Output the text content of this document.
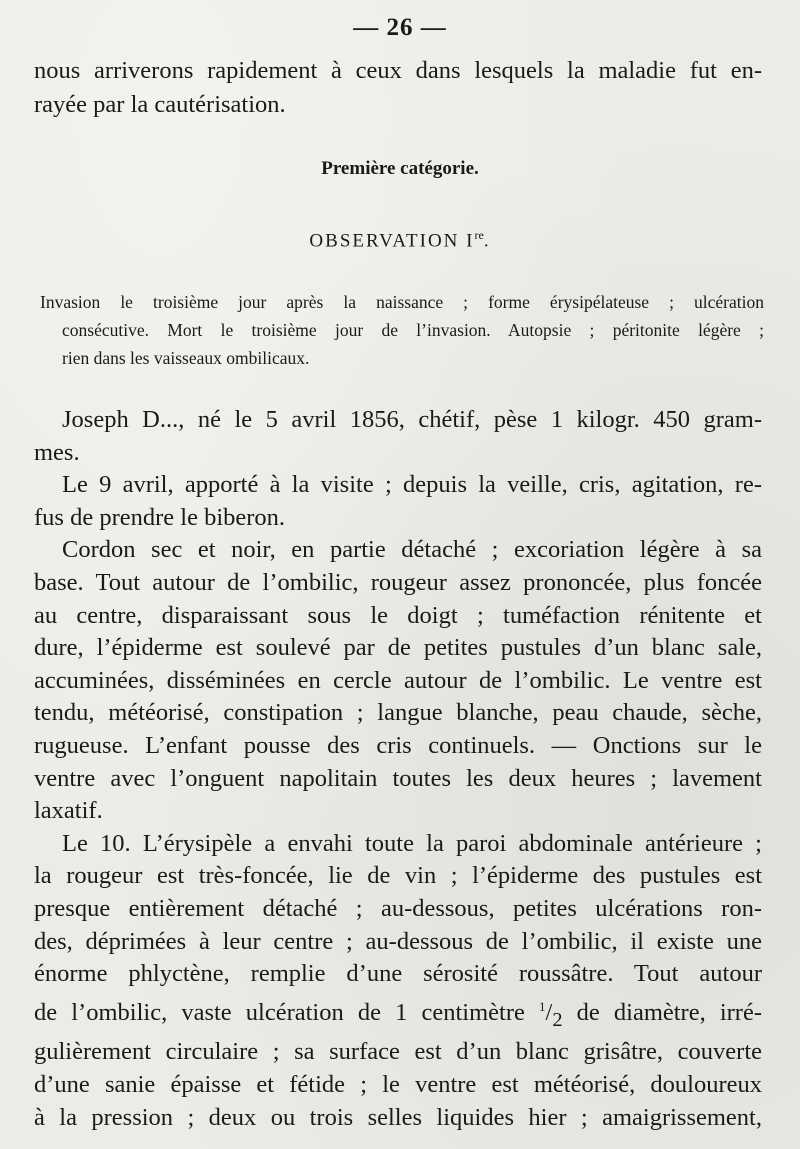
— 26 —
nous arriverons rapidement à ceux dans lesquels la maladie fut en-
rayée par la cautérisation.
Première catégorie.
OBSERVATION Ire.
Invasion le troisième jour après la naissance ; forme érysipélateuse ; ulcération
consécutive. Mort le troisième jour de l’invasion. Autopsie ; péritonite légère ;
rien dans les vaisseaux ombilicaux.
Joseph D..., né le 5 avril 1856, chétif, pèse 1 kilogr. 450 gram-
mes.
Le 9 avril, apporté à la visite ; depuis la veille, cris, agitation, re-
fus de prendre le biberon.
Cordon sec et noir, en partie détaché ; excoriation légère à sa
base. Tout autour de l’ombilic, rougeur assez prononcée, plus foncée
au centre, disparaissant sous le doigt ; tuméfaction rénitente et
dure, l’épiderme est soulevé par de petites pustules d’un blanc sale,
accuminées, disséminées en cercle autour de l’ombilic. Le ventre est
tendu, météorisé, constipation ; langue blanche, peau chaude, sèche,
rugueuse. L’enfant pousse des cris continuels. — Onctions sur le
ventre avec l’onguent napolitain toutes les deux heures ; lavement
laxatif.
Le 10. L’érysipèle a envahi toute la paroi abdominale antérieure ;
la rougeur est très-foncée, lie de vin ; l’épiderme des pustules est
presque entièrement détaché ; au-dessous, petites ulcérations ron-
des, déprimées à leur centre ; au-dessous de l’ombilic, il existe une
énorme phlyctène, remplie d’une sérosité roussâtre. Tout autour
de l’ombilic, vaste ulcération de 1 centimètre $^1/_2$ de diamètre, irré-
gulièrement circulaire ; sa surface est d’un blanc grisâtre, couverte
d’une sanie épaisse et fétide ; le ventre est météorisé, douloureux
à la pression ; deux ou trois selles liquides hier ; amaigrissement,
